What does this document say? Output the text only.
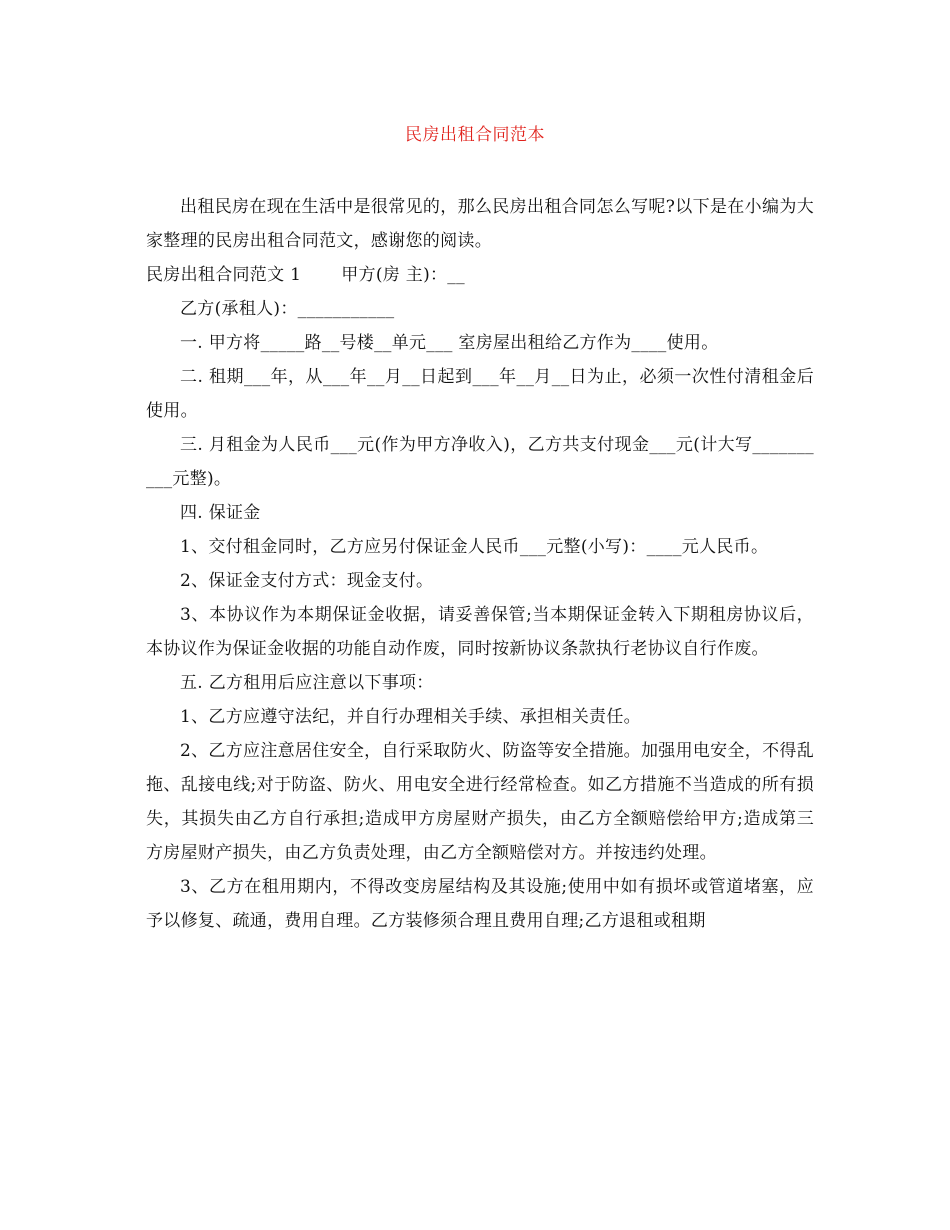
民房出租合同范本

出租民房在现在生活中是很常见的，那么民房出租合同怎么写呢?以下是在小编为大家整理的民房出租合同范文，感谢您的阅读。

民房出租合同范文 1 甲方(房 主)：__

乙方(承租人)：___________

一. 甲方将_____路__号楼__单元___ 室房屋出租给乙方作为____使用。

二. 租期___年，从___年__月__日起到___年__月__日为止，必须一次性付清租金后使用。

三. 月租金为人民币___元(作为甲方净收入)，乙方共支付现金___元(计大写__________元整)。

四. 保证金

1、交付租金同时，乙方应另付保证金人民币___元整(小写)：____元人民币。

2、保证金支付方式：现金支付。

3、本协议作为本期保证金收据，请妥善保管;当本期保证金转入下期租房协议后，本协议作为保证金收据的功能自动作废，同时按新协议条款执行老协议自行作废。

五. 乙方租用后应注意以下事项：

1、乙方应遵守法纪，并自行办理相关手续、承担相关责任。

2、乙方应注意居住安全，自行采取防火、防盗等安全措施。加强用电安全，不得乱拖、乱接电线;对于防盗、防火、用电安全进行经常检查。如乙方措施不当造成的所有损失，其损失由乙方自行承担;造成甲方房屋财产损失，由乙方全额赔偿给甲方;造成第三方房屋财产损失，由乙方负责处理，由乙方全额赔偿对方。并按违约处理。

3、乙方在租用期内，不得改变房屋结构及其设施;使用中如有损坏或管道堵塞，应予以修复、疏通，费用自理。乙方装修须合理且费用自理;乙方退租或租期
